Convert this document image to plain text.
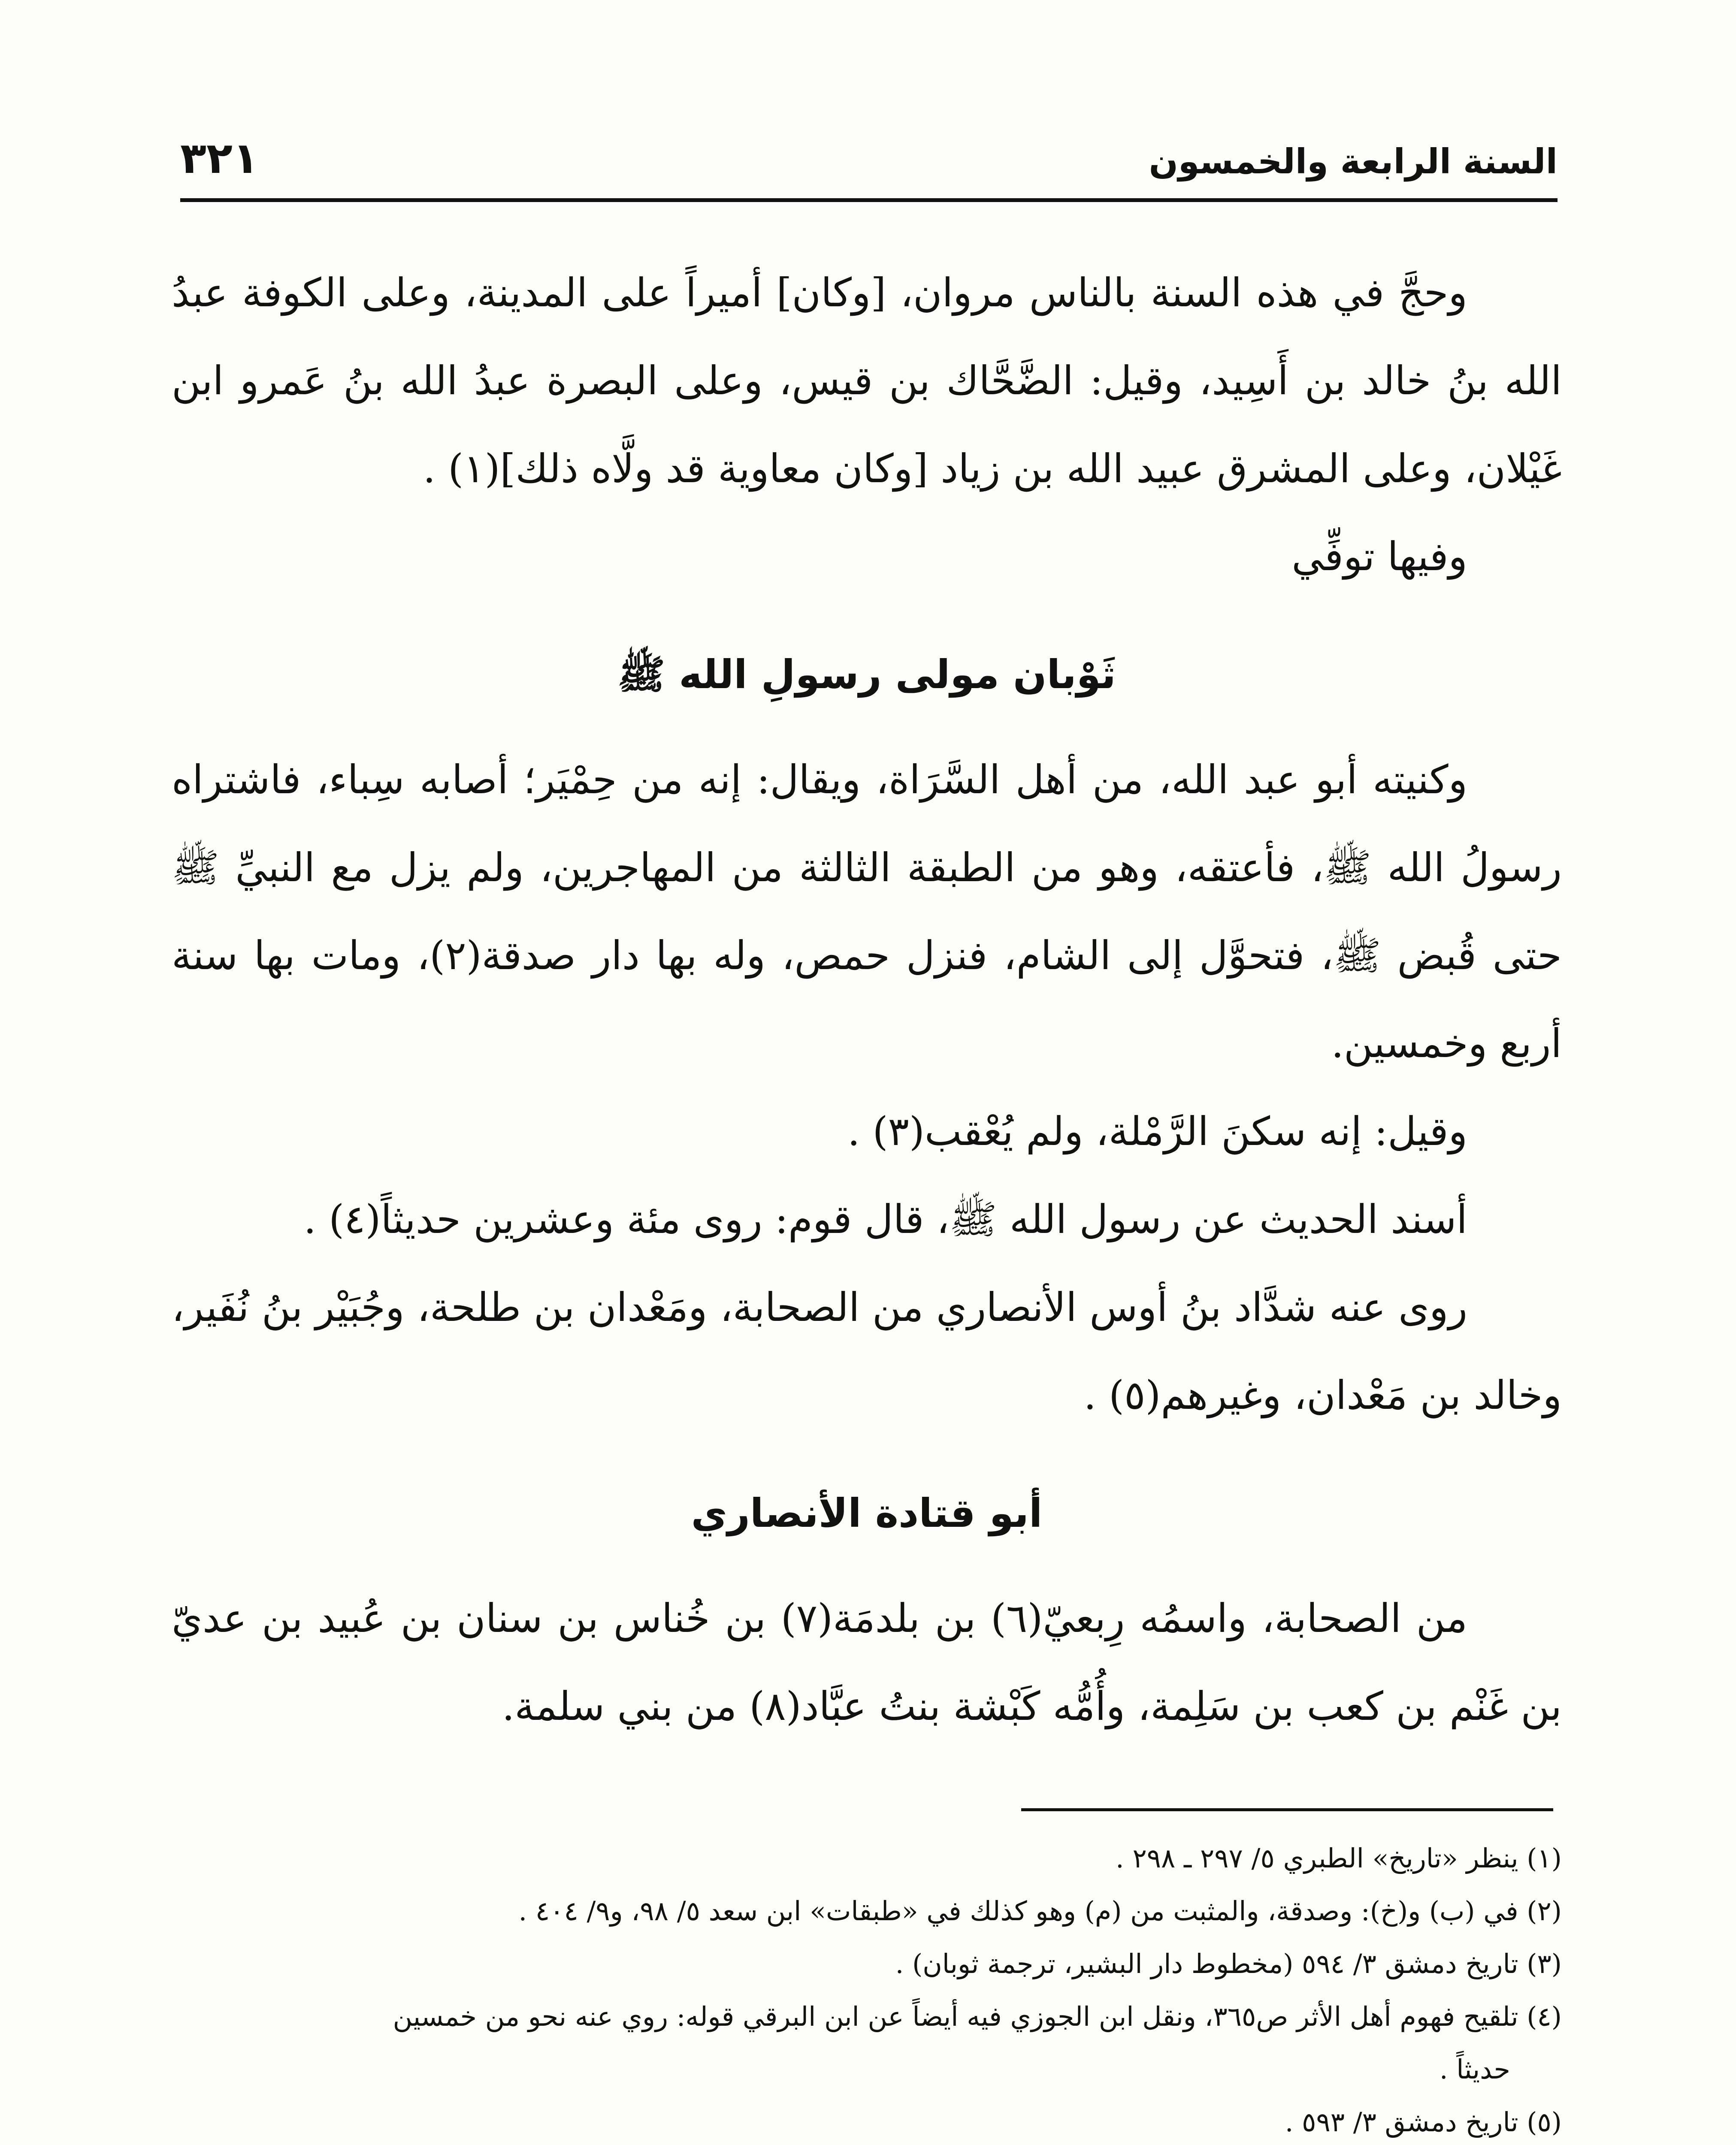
السنة الرابعة والخمسون
٣٢١

وحجَّ في هذه السنة بالناس مروان، [وكان] أميراً على المدينة، وعلى الكوفة عبدُ الله بنُ خالد بن أَسِيد، وقيل: الضَّحَّاك بن قيس، وعلى البصرة عبدُ الله بنُ عَمرو ابن غَيْلان، وعلى المشرق عبيد الله بن زياد [وكان معاوية قد ولَّاه ذلك](١) .

وفيها توفِّي

ثَوْبان مولى رسولِ الله ﷺ

وكنيته أبو عبد الله، من أهل السَّرَاة، ويقال: إنه من حِمْيَر؛ أصابه سِباء، فاشتراه رسولُ الله ﷺ، فأعتقه، وهو من الطبقة الثالثة من المهاجرين، ولم يزل مع النبيِّ ﷺ حتى قُبض ﷺ، فتحوَّل إلى الشام، فنزل حمص، وله بها دار صدقة(٢)، ومات بها سنة أربع وخمسين.

وقيل: إنه سكنَ الرَّمْلة، ولم يُعْقب(٣) .

أسند الحديث عن رسول الله ﷺ، قال قوم: روى مئة وعشرين حديثاً(٤) .

روى عنه شدَّاد بنُ أوس الأنصاري من الصحابة، ومَعْدان بن طلحة، وجُبَيْر بنُ نُفَير، وخالد بن مَعْدان، وغيرهم(٥) .

أبو قتادة الأنصاري

من الصحابة، واسمُه رِبعيّ(٦) بن بلدمَة(٧) بن خُناس بن سنان بن عُبيد بن عديّ بن غَنْم بن كعب بن سَلِمة، وأُمُّه كَبْشة بنتُ عبَّاد(٨) من بني سلمة.

(١) ينظر «تاريخ» الطبري ٥/ ٢٩٧ ـ ٢٩٨ .

(٢) في (ب) و(خ): وصدقة، والمثبت من (م) وهو كذلك في «طبقات» ابن سعد ٥/ ٩٨، و٩/ ٤٠٤ .

(٣) تاريخ دمشق ٣/ ٥٩٤ (مخطوط دار البشير، ترجمة ثوبان) .

(٤) تلقيح فهوم أهل الأثر ص٣٦٥، ونقل ابن الجوزي فيه أيضاً عن ابن البرقي قوله: روي عنه نحو من خمسين

حديثاً .

(٥) تاريخ دمشق ٣/ ٥٩٣ .
